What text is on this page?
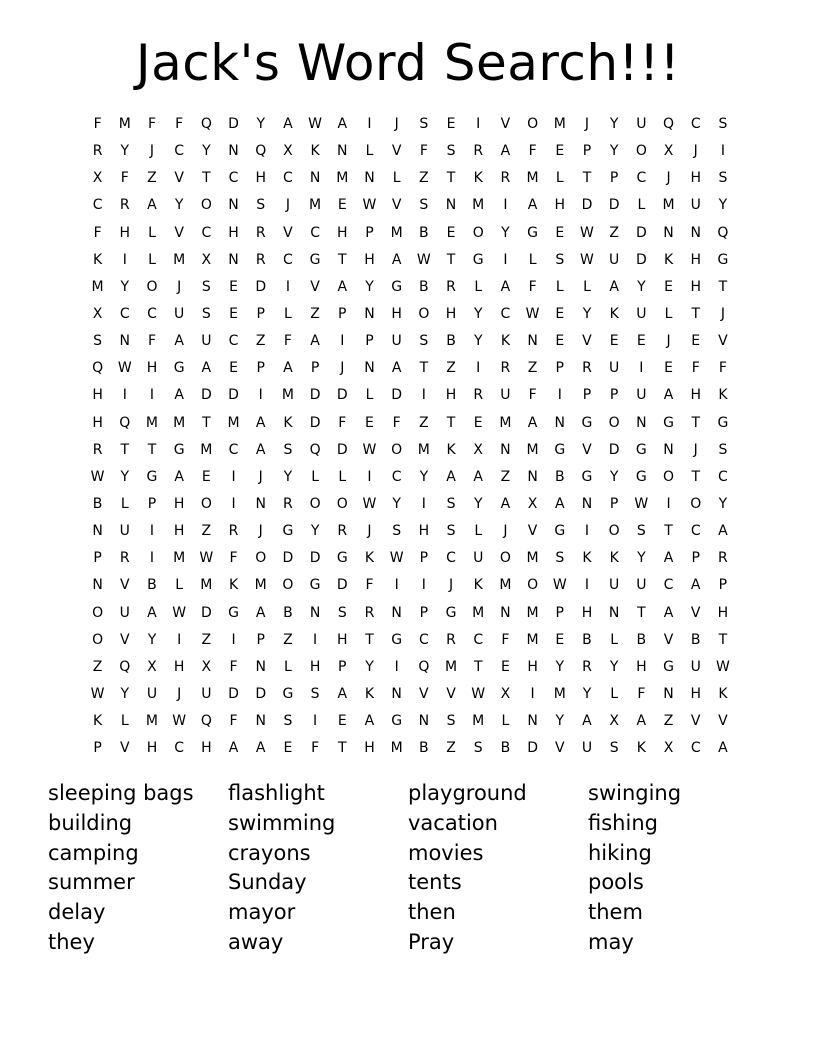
Jack's Word Search!!!
F	M	F	F	Q	D	Y	A	W	A	I	J	S	E	I	V	O	M	J	Y	U	Q	C	S
R	Y	J	C	Y	N	Q	X	K	N	L	V	F	S	R	A	F	E	P	Y	O	X	J	I
X	F	Z	V	T	C	H	C	N	M	N	L	Z	T	K	R	M	L	T	P	C	J	H	S
C	R	A	Y	O	N	S	J	M	E	W	V	S	N	M	I	A	H	D	D	L	M	U	Y
F	H	L	V	C	H	R	V	C	H	P	M	B	E	O	Y	G	E	W	Z	D	N	N	Q
K	I	L	M	X	N	R	C	G	T	H	A	W	T	G	I	L	S	W	U	D	K	H	G
M	Y	O	J	S	E	D	I	V	A	Y	G	B	R	L	A	F	L	L	A	Y	E	H	T
X	C	C	U	S	E	P	L	Z	P	N	H	O	H	Y	C	W	E	Y	K	U	L	T	J
S	N	F	A	U	C	Z	F	A	I	P	U	S	B	Y	K	N	E	V	E	E	J	E	V
Q	W	H	G	A	E	P	A	P	J	N	A	T	Z	I	R	Z	P	R	U	I	E	F	F
H	I	I	A	D	D	I	M	D	D	L	D	I	H	R	U	F	I	P	P	U	A	H	K
H	Q	M	M	T	M	A	K	D	F	E	F	Z	T	E	M	A	N	G	O	N	G	T	G
R	T	T	G	M	C	A	S	Q	D	W	O	M	K	X	N	M	G	V	D	G	N	J	S
W	Y	G	A	E	I	J	Y	L	L	I	C	Y	A	A	Z	N	B	G	Y	G	O	T	C
B	L	P	H	O	I	N	R	O	O	W	Y	I	S	Y	A	X	A	N	P	W	I	O	Y
N	U	I	H	Z	R	J	G	Y	R	J	S	H	S	L	J	V	G	I	O	S	T	C	A
P	R	I	M	W	F	O	D	D	G	K	W	P	C	U	O	M	S	K	K	Y	A	P	R
N	V	B	L	M	K	M	O	G	D	F	I	I	J	K	M	O	W	I	U	U	C	A	P
O	U	A	W	D	G	A	B	N	S	R	N	P	G	M	N	M	P	H	N	T	A	V	H
O	V	Y	I	Z	I	P	Z	I	H	T	G	C	R	C	F	M	E	B	L	B	V	B	T
Z	Q	X	H	X	F	N	L	H	P	Y	I	Q	M	T	E	H	Y	R	Y	H	G	U	W
W	Y	U	J	U	D	D	G	S	A	K	N	V	V	W	X	I	M	Y	L	F	N	H	K
K	L	M	W	Q	F	N	S	I	E	A	G	N	S	M	L	N	Y	A	X	A	Z	V	V
P	V	H	C	H	A	A	E	F	T	H	M	B	Z	S	B	D	V	U	S	K	X	C	A
sleeping bags
building
camping
summer
delay
they
flashlight
swimming
crayons
Sunday
mayor
away
playground
vacation
movies
tents
then
Pray
swinging
fishing
hiking
pools
them
may
